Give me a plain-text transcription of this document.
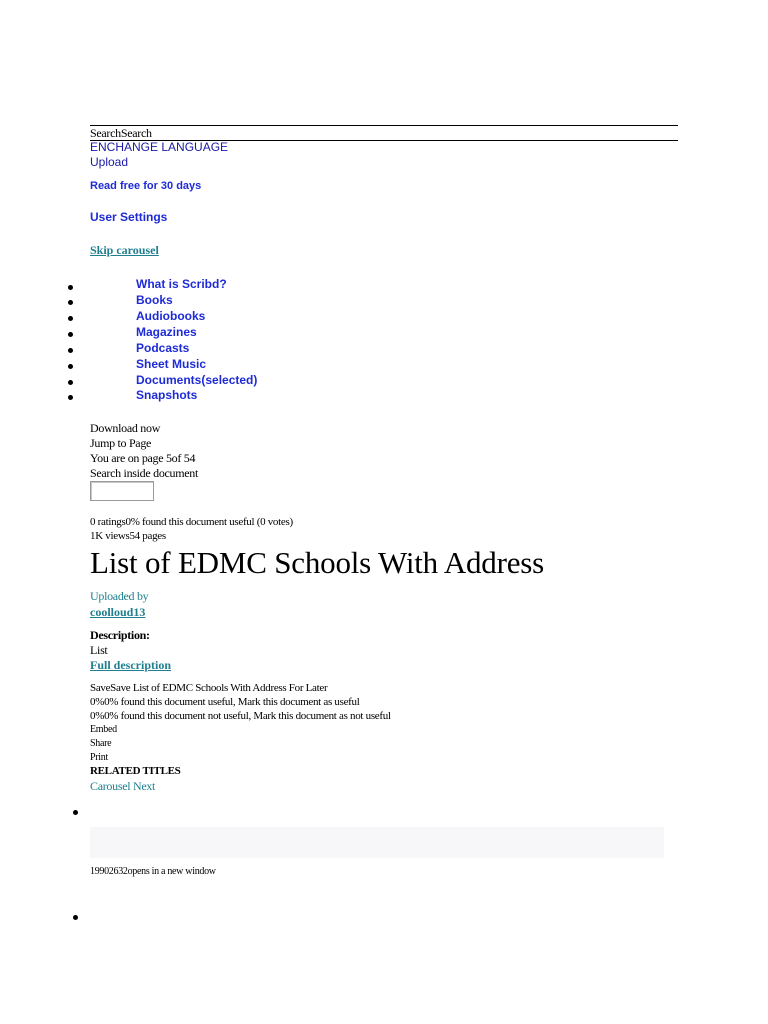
SearchSearch
ENCHANGE LANGUAGE
Upload
Read free for 30 days
User Settings
Skip carousel
What is Scribd?
Books
Audiobooks
Magazines
Podcasts
Sheet Music
Documents(selected)
Snapshots
Download now
Jump to Page
You are on page 5of 54
Search inside document
0 ratings0% found this document useful (0 votes)
1K views54 pages
List of EDMC Schools With Address
Uploaded by
coolloud13
Description:
List
Full description
SaveSave List of EDMC Schools With Address For Later
0%0% found this document useful, Mark this document as useful
0%0% found this document not useful, Mark this document as not useful
Embed
Share
Print
RELATED TITLES
Carousel Next
19902632opens in a new window
